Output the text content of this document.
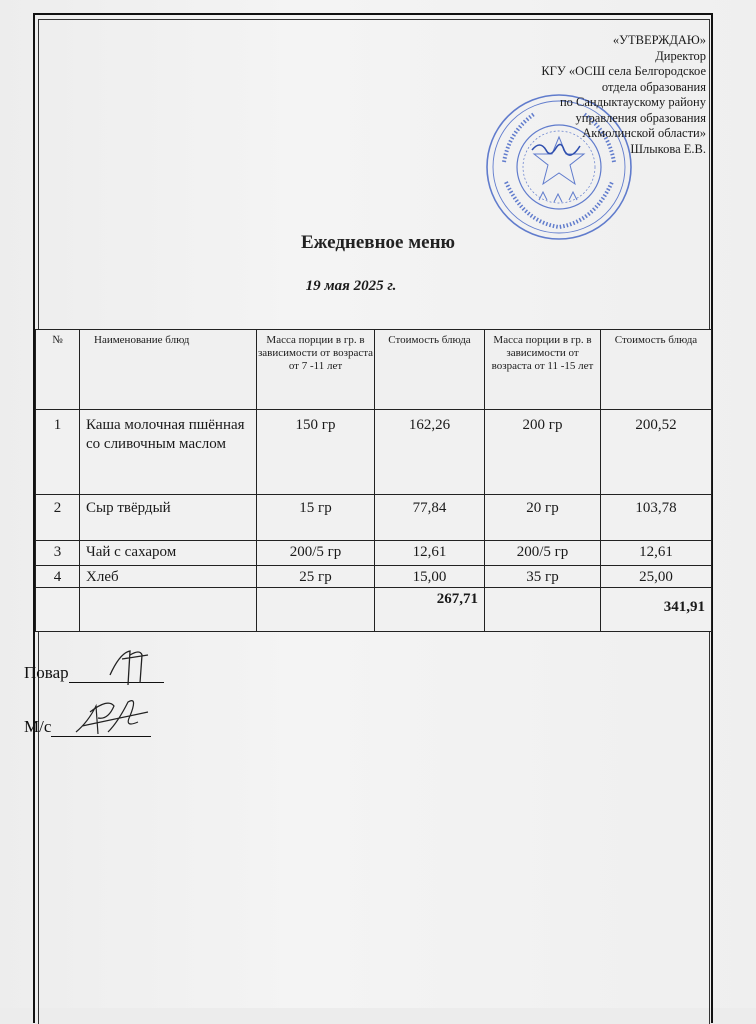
«УТВЕРЖДАЮ»
Директор
КГУ «ОСШ села Белгородское
отдела образования
по Сандыктаускому району
управления образования
Акмолинской области»
Шлыкова Е.В.
Ежедневное меню
19 мая 2025 г.
№	Наименование блюд	Масса порции в гр. в зависимости от возраста от 7 -11 лет	Стоимость блюда	Масса порции в гр. в зависимости от возраста от 11 -15 лет	Стоимость блюда
1	Каша молочная пшённая со сливочным маслом	150 гр	162,26	200 гр	200,52
2	Сыр твёрдый	15 гр	77,84	20 гр	103,78
3	Чай с сахаром	200/5 гр	12,61	200/5 гр	12,61
4	Хлеб	25 гр	15,00	35 гр	25,00
			267,71		341,91
Повар
М/с
